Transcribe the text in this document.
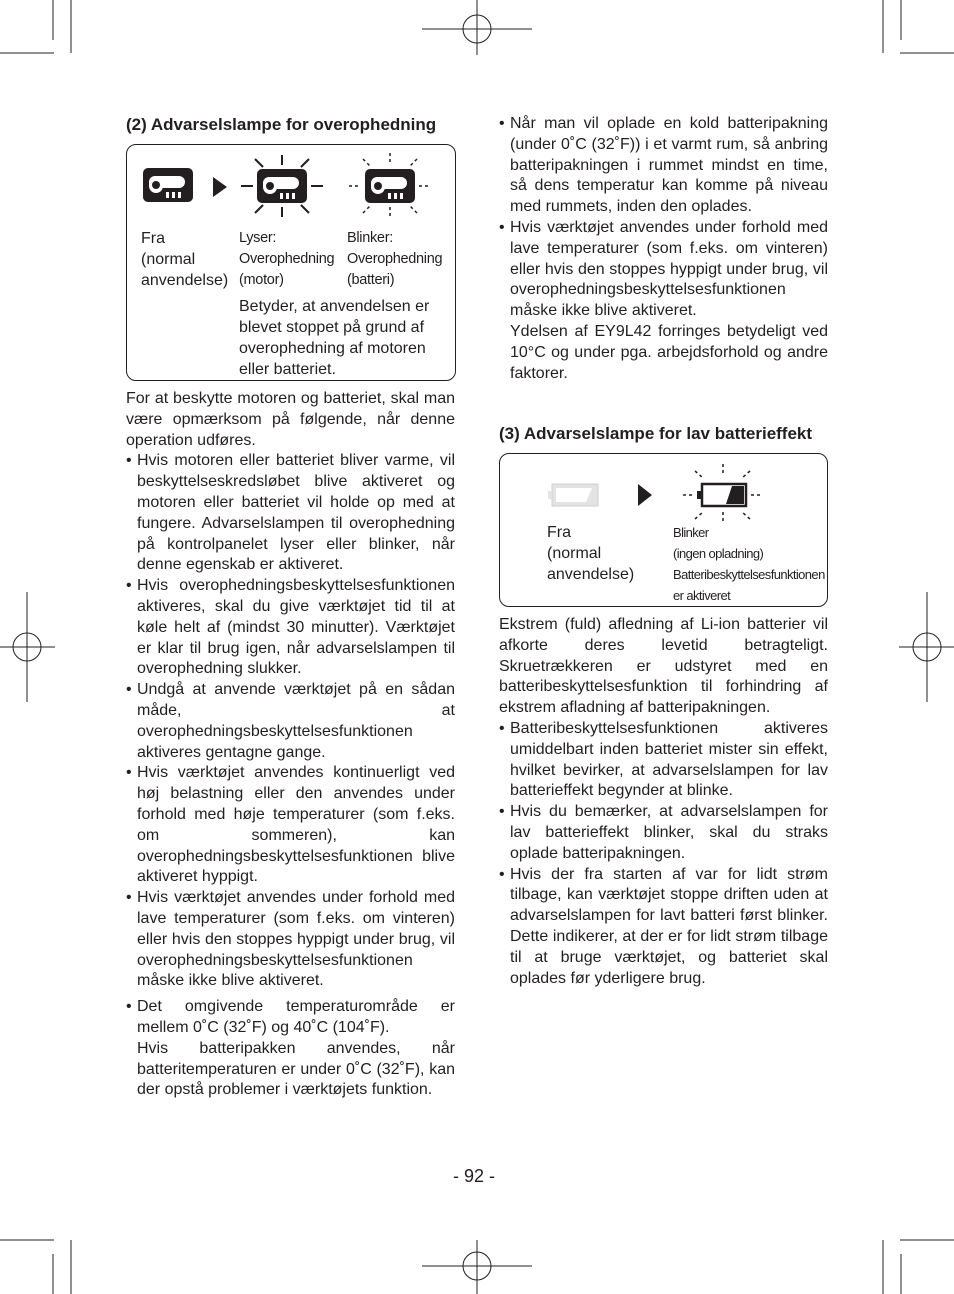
(2) Advarselslampe for overophedning
Fra
(normal
anvendelse)
Lyser:
Overophedning
(motor)
Blinker:
Overophedning
(batteri)
Betyder, at anvendelsen er
blevet stoppet på grund af
overophedning af motoren
eller batteriet.
For at beskytte motoren og batteriet, skal man være opmærksom på følgende, når denne operation udføres.
• Hvis motoren eller batteriet bliver varme, vil beskyttelseskredsløbet blive aktiveret og motoren eller batteriet vil holde op med at fungere. Advarselslampen til overophedning på kontrolpanelet lyser eller blinker, når denne egenskab er aktiveret.
• Hvis overophedningsbeskyttelsesfunktionen aktiveres, skal du give værktøjet tid til at køle helt af (mindst 30 minutter). Værktøjet er klar til brug igen, når advarselslampen til overophedning slukker.
• Undgå at anvende værktøjet på en sådan måde, at overophedningsbeskyttelsesfunktionen aktiveres gentagne gange.
• Hvis værktøjet anvendes kontinuerligt ved høj belastning eller den anvendes under forhold med høje temperaturer (som f.eks. om sommeren), kan overophedningsbeskyttelsesfunktionen blive aktiveret hyppigt.
• Hvis værktøjet anvendes under forhold med lave temperaturer (som f.eks. om vinteren) eller hvis den stoppes hyppigt under brug, vil overophedningsbeskyttelsesfunktionen måske ikke blive aktiveret.
• Det omgivende temperaturområde er mellem 0˚C (32˚F) og 40˚C (104˚F).
Hvis batteripakken anvendes, når batteritemperaturen er under 0˚C (32˚F), kan der opstå problemer i værktøjets funktion.
• Når man vil oplade en kold batteripakning (under 0˚C (32˚F)) i et varmt rum, så anbring batteripakningen i rummet mindst en time, så dens temperatur kan komme på niveau med rummets, inden den oplades.
• Hvis værktøjet anvendes under forhold med lave temperaturer (som f.eks. om vinteren) eller hvis den stoppes hyppigt under brug, vil overophedningsbeskyttelsesfunktionen måske ikke blive aktiveret.
Ydelsen af EY9L42 forringes betydeligt ved 10°C og under pga. arbejdsforhold og andre faktorer.
(3) Advarselslampe for lav batterieffekt
Fra
(normal
anvendelse)
Blinker
(ingen opladning)
Batteribeskyttelsesfunktionen
er aktiveret
Ekstrem (fuld) afledning af Li-ion batterier vil afkorte deres levetid betragteligt. Skruetrækkeren er udstyret med en batteribeskyttelsesfunktion til forhindring af ekstrem afladning af batteripakningen.
• Batteribeskyttelsesfunktionen aktiveres umiddelbart inden batteriet mister sin effekt, hvilket bevirker, at advarselslampen for lav batterieffekt begynder at blinke.
• Hvis du bemærker, at advarselslampen for lav batterieffekt blinker, skal du straks oplade batteripakningen.
• Hvis der fra starten af var for lidt strøm tilbage, kan værktøjet stoppe driften uden at advarselslampen for lavt batteri først blinker. Dette indikerer, at der er for lidt strøm tilbage til at bruge værktøjet, og batteriet skal oplades før yderligere brug.
- 92 -
